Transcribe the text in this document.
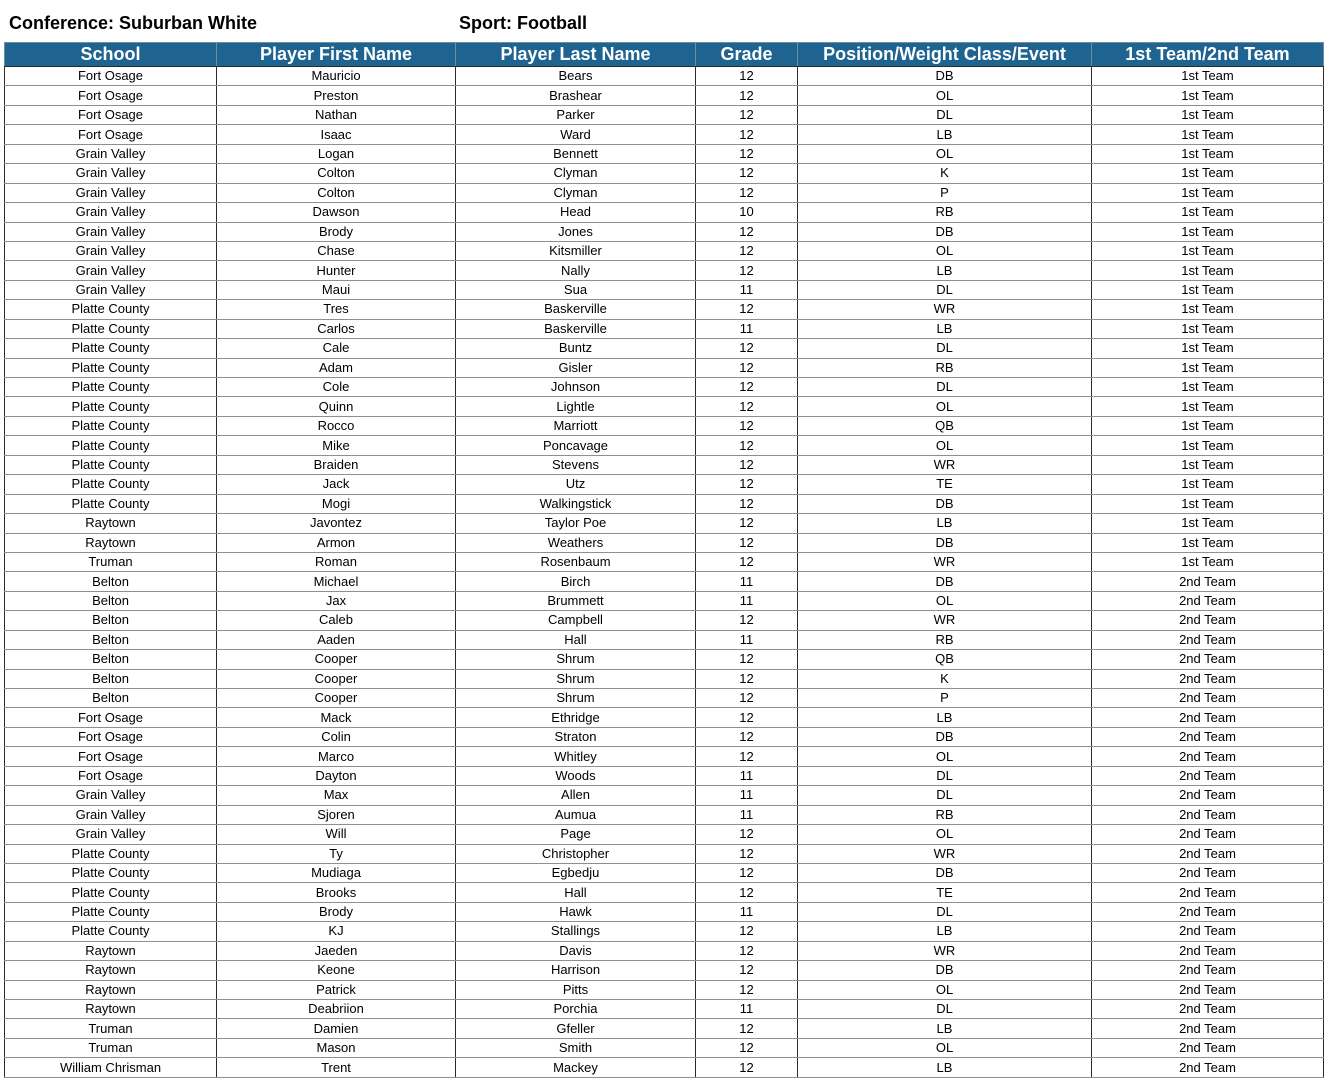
Conference: Suburban White	Sport: Football
School	Player First Name	Player Last Name	Grade	Position/Weight Class/Event	1st Team/2nd Team
Fort Osage	Mauricio	Bears	12	DB	1st Team
Fort Osage	Preston	Brashear	12	OL	1st Team
Fort Osage	Nathan	Parker	12	DL	1st Team
Fort Osage	Isaac	Ward	12	LB	1st Team
Grain Valley	Logan	Bennett	12	OL	1st Team
Grain Valley	Colton	Clyman	12	K	1st Team
Grain Valley	Colton	Clyman	12	P	1st Team
Grain Valley	Dawson	Head	10	RB	1st Team
Grain Valley	Brody	Jones	12	DB	1st Team
Grain Valley	Chase	Kitsmiller	12	OL	1st Team
Grain Valley	Hunter	Nally	12	LB	1st Team
Grain Valley	Maui	Sua	11	DL	1st Team
Platte County	Tres	Baskerville	12	WR	1st Team
Platte County	Carlos	Baskerville	11	LB	1st Team
Platte County	Cale	Buntz	12	DL	1st Team
Platte County	Adam	Gisler	12	RB	1st Team
Platte County	Cole	Johnson	12	DL	1st Team
Platte County	Quinn	Lightle	12	OL	1st Team
Platte County	Rocco	Marriott	12	QB	1st Team
Platte County	Mike	Poncavage	12	OL	1st Team
Platte County	Braiden	Stevens	12	WR	1st Team
Platte County	Jack	Utz	12	TE	1st Team
Platte County	Mogi	Walkingstick	12	DB	1st Team
Raytown	Javontez	Taylor Poe	12	LB	1st Team
Raytown	Armon	Weathers	12	DB	1st Team
Truman	Roman	Rosenbaum	12	WR	1st Team
Belton	Michael	Birch	11	DB	2nd Team
Belton	Jax	Brummett	11	OL	2nd Team
Belton	Caleb	Campbell	12	WR	2nd Team
Belton	Aaden	Hall	11	RB	2nd Team
Belton	Cooper	Shrum	12	QB	2nd Team
Belton	Cooper	Shrum	12	K	2nd Team
Belton	Cooper	Shrum	12	P	2nd Team
Fort Osage	Mack	Ethridge	12	LB	2nd Team
Fort Osage	Colin	Straton	12	DB	2nd Team
Fort Osage	Marco	Whitley	12	OL	2nd Team
Fort Osage	Dayton	Woods	11	DL	2nd Team
Grain Valley	Max	Allen	11	DL	2nd Team
Grain Valley	Sjoren	Aumua	11	RB	2nd Team
Grain Valley	Will	Page	12	OL	2nd Team
Platte County	Ty	Christopher	12	WR	2nd Team
Platte County	Mudiaga	Egbedju	12	DB	2nd Team
Platte County	Brooks	Hall	12	TE	2nd Team
Platte County	Brody	Hawk	11	DL	2nd Team
Platte County	KJ	Stallings	12	LB	2nd Team
Raytown	Jaeden	Davis	12	WR	2nd Team
Raytown	Keone	Harrison	12	DB	2nd Team
Raytown	Patrick	Pitts	12	OL	2nd Team
Raytown	Deabriion	Porchia	11	DL	2nd Team
Truman	Damien	Gfeller	12	LB	2nd Team
Truman	Mason	Smith	12	OL	2nd Team
William Chrisman	Trent	Mackey	12	LB	2nd Team
